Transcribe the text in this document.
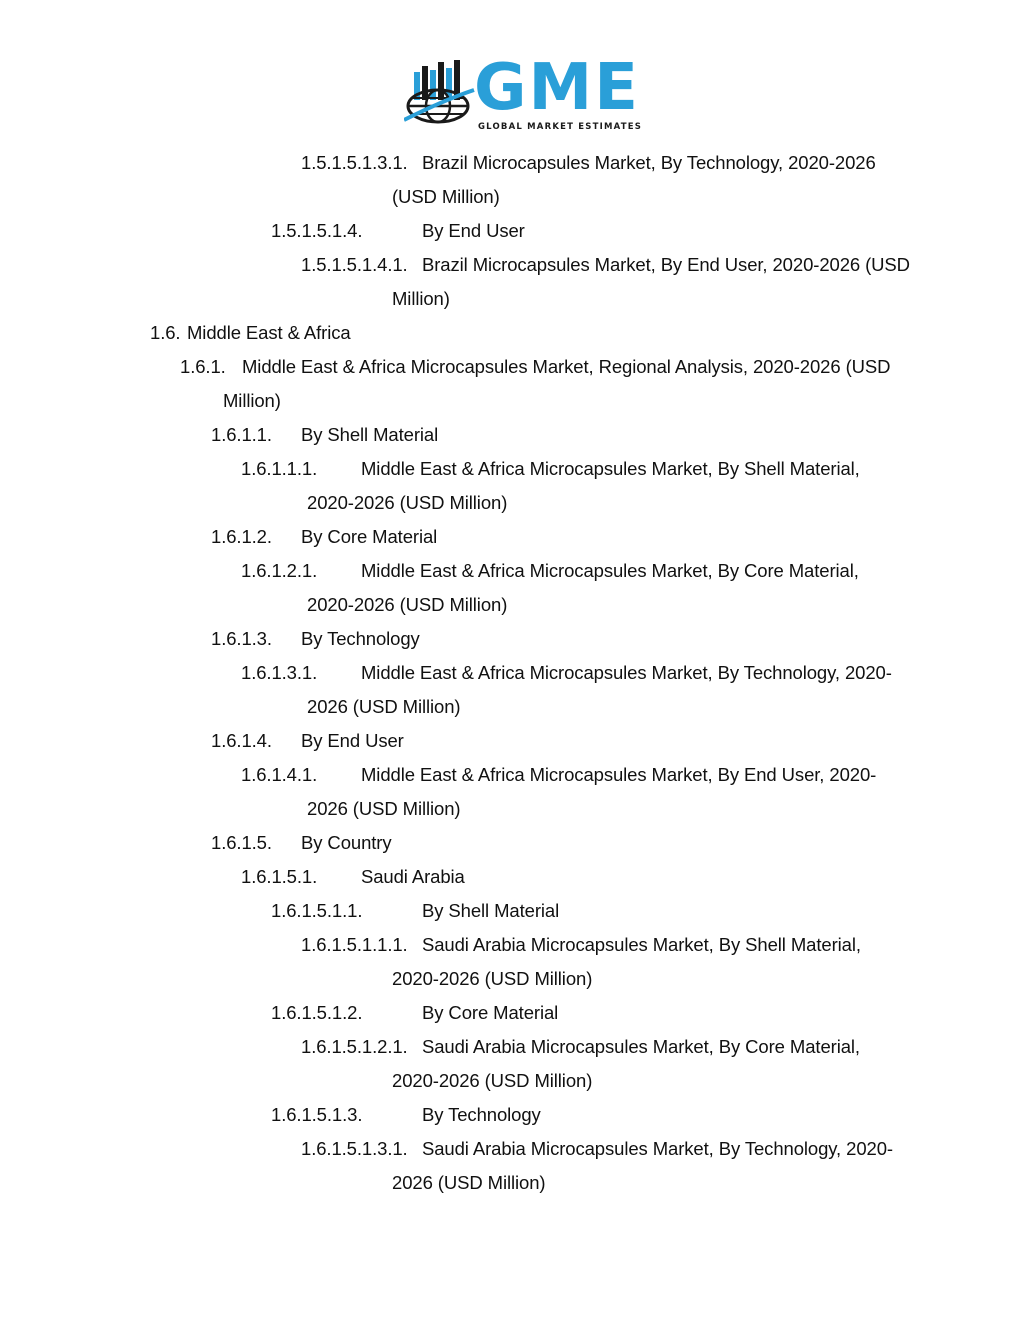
GME
GLOBAL MARKET ESTIMATES
1.5.1.5.1.3.1. Brazil Microcapsules Market, By Technology, 2020-2026
(USD Million)
1.5.1.5.1.4.	By End User
1.5.1.5.1.4.1. Brazil Microcapsules Market, By End User, 2020-2026 (USD
Million)
1.6. Middle East & Africa
1.6.1. Middle East & Africa Microcapsules Market, Regional Analysis, 2020-2026 (USD
Million)
1.6.1.1. By Shell Material
1.6.1.1.1. Middle East & Africa Microcapsules Market, By Shell Material,
2020-2026 (USD Million)
1.6.1.2. By Core Material
1.6.1.2.1. Middle East & Africa Microcapsules Market, By Core Material,
2020-2026 (USD Million)
1.6.1.3. By Technology
1.6.1.3.1. Middle East & Africa Microcapsules Market, By Technology, 2020-
2026 (USD Million)
1.6.1.4. By End User
1.6.1.4.1. Middle East & Africa Microcapsules Market, By End User, 2020-
2026 (USD Million)
1.6.1.5. By Country
1.6.1.5.1. Saudi Arabia
1.6.1.5.1.1.	By Shell Material
1.6.1.5.1.1.1. Saudi Arabia Microcapsules Market, By Shell Material,
2020-2026 (USD Million)
1.6.1.5.1.2.	By Core Material
1.6.1.5.1.2.1. Saudi Arabia Microcapsules Market, By Core Material,
2020-2026 (USD Million)
1.6.1.5.1.3.	By Technology
1.6.1.5.1.3.1. Saudi Arabia Microcapsules Market, By Technology, 2020-
2026 (USD Million)
